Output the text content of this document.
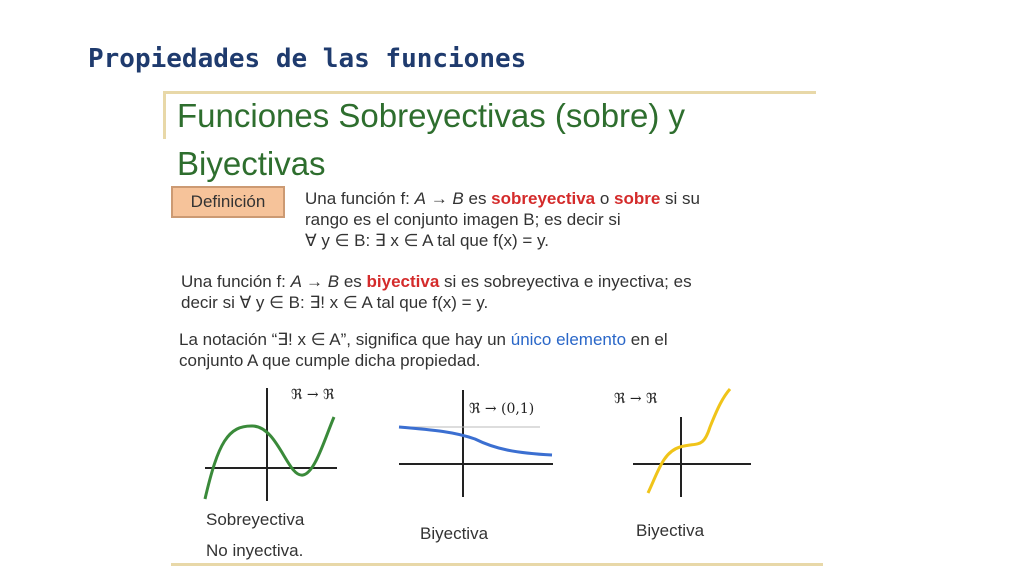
Propiedades de las funciones
Funciones Sobreyectivas (sobre) y
Biyectivas
Definición	Una función f: A → B es sobreyectiva o sobre si su
rango es el conjunto imagen B; es decir si
∀ y ∈ B: ∃ x ∈ A tal que f(x) = y.
Una función f: A → B es biyectiva si es sobreyectiva e inyectiva; es
decir si ∀ y ∈ B: ∃! x ∈ A tal que f(x) = y.
La notación “∃! x ∈ A”, significa que hay un único elemento en el
conjunto A que cumple dicha propiedad.
ℜ → ℜ
Sobreyectiva
No inyectiva.
ℜ → (0,1)
Biyectiva
ℜ → ℜ
Biyectiva
